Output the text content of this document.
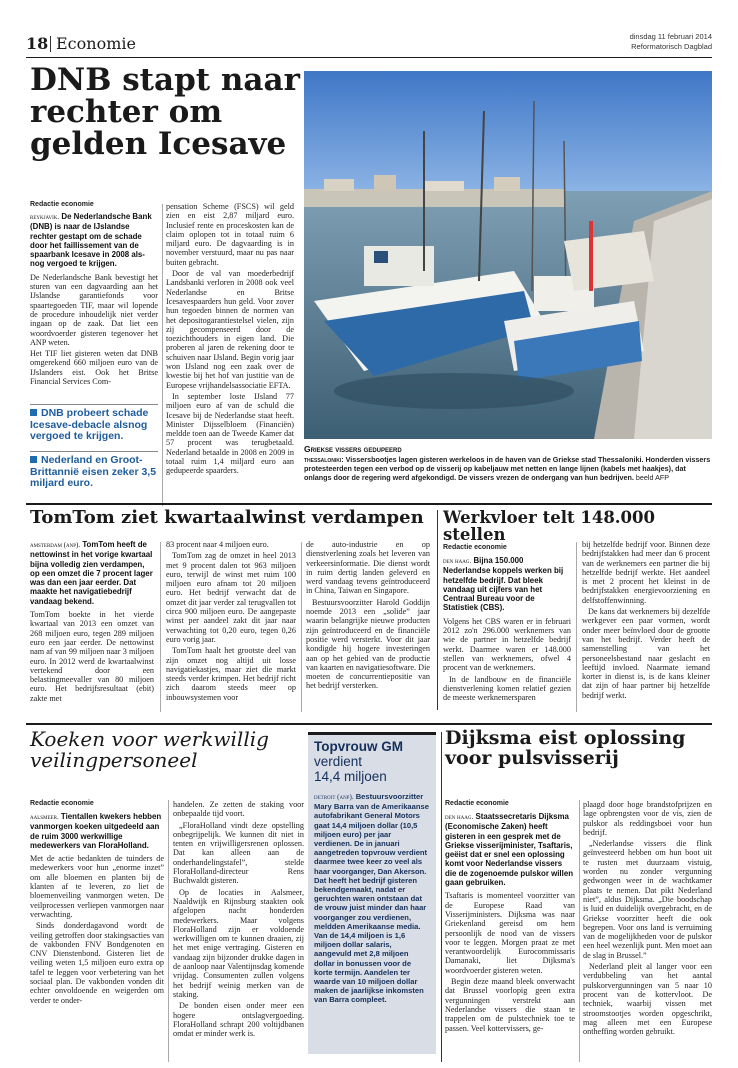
18 Economie	dinsdag 11 februari 2014
Reformatorisch Dagblad
DNB stapt naar
rechter om
gelden Icesave
Redactie economie

reykjavik. De Nederlandsche Bank (DNB) is naar de IJslandse rechter gestapt om de schade door het faillissement van de spaarbank Icesave in 2008 als-nog vergoed te krijgen.

De Nederlandsche Bank bevestigt het sturen van een dagvaarding aan het IJslandse garantiefonds voor spaartegoeden TIF, maar wil lopende de procedure inhoudelijk niet verder ingaan op de zaak. Dat liet een woordvoerder gisteren tegenover het ANP weten.

Het TIF liet gisteren weten dat DNB omgerekend 660 miljoen euro van de IJslanders eist. Ook het Britse Financial Services Com-

DNB probeert schade Icesave-debacle alsnog vergoed te krijgen.
Nederland en Groot-Brittannië eisen zeker 3,5 miljard euro.

pensation Scheme (FSCS) wil geld zien en eist 2,87 miljard euro. Inclusief rente en proceskosten kan de claim oplopen tot in totaal ruim 6 miljard euro. De dagvaarding is in november verstuurd, maar nu pas naar buiten gebracht.

Door de val van moederbedrijf Landsbanki verloren in 2008 ook veel Nederlandse en Britse Icesavespaarders hun geld. Voor zover hun tegoeden binnen de normen van het depositogarantiestelsel vielen, zijn zij gecompenseerd door de toezichthouders in eigen land. Die proberen al jaren de rekening door te schuiven naar IJsland. Begin vorig jaar won IJsland nog een zaak over de kwestie bij het hof van justitie van de Europese vrijhandelsassociatie EFTA.

In september loste IJsland 77 miljoen euro af van de schuld die Icesave bij de Nederlandse staat heeft. Minister Dijsselbloem (Financiën) meldde toen aan de Tweede Kamer dat 57 procent was terugbetaald. Nederland betaalde in 2008 en 2009 in totaal ruim 1,4 miljard euro aan gedupeerde spaarders.

Griekse vissers gedupeerd
thessaloniki: Vissersbootjes lagen gisteren werkeloos in de haven van de Griekse stad Thessaloniki. Honderden vissers protesteerden tegen een verbod op de visserij op kabeljauw met netten en lange lijnen (kabels met haakjes), dat onlangs door de regering werd afgekondigd. De vissers vrezen de ondergang van hun bedrijven. beeld AFP
TomTom ziet kwartaalwinst verdampen

amsterdam (anp). TomTom heeft de nettowinst in het vorige kwartaal bijna volledig zien verdampen, op een omzet die 7 procent lager was dan een jaar eerder. Dat maakte het navigatiebedrijf vandaag bekend.

TomTom boekte in het vierde kwartaal van 2013 een omzet van 268 miljoen euro, tegen 289 miljoen euro een jaar eerder. De nettowinst nam af van 99 miljoen naar 3 miljoen euro. In 2012 werd de kwartaalwinst vertekend door een belastingmeevaller van 80 miljoen euro. Het bedrijfsresultaat (ebit) zakte met

83 procent naar 4 miljoen euro.

TomTom zag de omzet in heel 2013 met 9 procent dalen tot 963 miljoen euro, terwijl de winst met ruim 100 miljoen euro afnam tot 20 miljoen euro. Het bedrijf verwacht dat de omzet dit jaar verder zal terugvallen tot circa 900 miljoen euro. De aangepaste winst per aandeel zakt dit jaar naar verwachting tot 0,20 euro, tegen 0,26 euro vorig jaar.

TomTom haalt het grootste deel van zijn omzet nog altijd uit losse navigatiekastjes, maar ziet die markt steeds verder krimpen. Het bedrijf richt zich daarom steeds meer op inbouwsystemen voor

de auto-industrie en op dienstverlening zoals het leveren van verkeersinformatie. Die dienst wordt in ruim dertig landen geleverd en werd vandaag tevens geïntroduceerd in China, Taiwan en Singapore.

Bestuursvoorzitter Harold Goddijn noemde 2013 een „solide” jaar waarin belangrijke nieuwe producten zijn geïntroduceerd en de financiële positie werd versterkt. Voor dit jaar kondigde hij hogere investeringen aan op het gebied van de productie van kaarten en navigatiesoftware. Die moeten de concurrentiepositie van het bedrijf versterken.

Werkvloer telt 148.000 stellen
Redactie economie

den haag. Bijna 150.000 Nederlandse koppels werken bij hetzelfde bedrijf. Dat bleek vandaag uit cijfers van het Centraal Bureau voor de Statistiek (CBS).

Volgens het CBS waren er in februari 2012 zo'n 296.000 werknemers van wie de partner in hetzelfde bedrijf werkt. Daarmee waren er 148.000 stellen van werknemers, ofwel 4 procent van de werknemers.

In de landbouw en de financiële dienstverlening komen relatief gezien de meeste werknemersparen

bij hetzelfde bedrijf voor. Binnen deze bedrijfstakken had meer dan 6 procent van de werknemers een partner die bij hetzelfde bedrijf werkte. Het aandeel is met 2 procent het kleinst in de bedrijfstakken energievoorziening en delfstoffenwinning.

De kans dat werknemers bij dezelfde werkgever een paar vormen, wordt onder meer beïnvloed door de grootte van het bedrijf. Verder heeft de samenstelling van het personeelsbestand naar geslacht en leeftijd invloed. Naarmate iemand korter in dienst is, is de kans kleiner dat zijn of haar partner bij hetzelfde bedrijf werkt.

Koeken voor werkwillig
veilingpersoneel
Redactie economie

aalsmeer. Tientallen kwekers hebben vanmorgen koeken uitgedeeld aan de ruim 3000 werkwillige medewerkers van FloraHolland.

Met de actie bedankten de tuinders de medewerkers voor hun „enorme inzet” om alle bloemen en planten bij de klanten af te leveren, zo liet de bloemenveiling vanmorgen weten. De veilprocessen verliepen vanmorgen naar verwachting.

Sinds donderdagavond wordt de veiling getroffen door stakingsacties van de vakbonden FNV Bondgenoten en CNV Dienstenbond. Gisteren liet de veiling weten 1,5 miljoen euro extra op tafel te leggen voor verbetering van het sociaal plan. De vakbonden vonden dit echter onvoldoende en weigerden om verder te onder-

handelen. Ze zetten de staking voor onbepaalde tijd voort.

„FloraHolland vindt deze opstelling onbegrijpelijk. We kunnen dit niet in tenten en vrijwilligersrenen oplossen. Dat kan alleen aan de onderhandelingstafel”, stelde FloraHolland-directeur Rens Buchwaldt gisteren.

Op de locaties in Aalsmeer, Naaldwijk en Rijnsburg staakten ook afgelopen nacht honderden medewerkers. Maar volgens FloraHolland zijn er voldoende werkwilligen om te kunnen draaien, zij het met enige vertraging. Gisteren en vandaag zijn bijzonder drukke dagen in de aanloop naar Valentijnsdag komende vrijdag. Consumenten zullen volgens het bedrijf weinig merken van de staking.

De bonden eisen onder meer een hogere ontslagvergoeding. FloraHolland schrapt 200 voltijdbanen omdat er minder werk is.

Topvrouw GM
verdient
14,4 miljoen
detroit (anp). Bestuursvoorzitter Mary Barra van de Amerikaanse autofabrikant General Motors gaat 14,4 miljoen dollar (10,5 miljoen euro) per jaar verdienen. De in januari aangetreden topvrouw verdient daarmee twee keer zo veel als haar voorganger, Dan Akerson. Dat heeft het bedrijf gisteren bekendgemaakt, nadat er geruchten waren ontstaan dat de vrouw juist minder dan haar voorganger zou verdienen, meldden Amerikaanse media. Van de 14,4 miljoen is 1,6 miljoen dollar salaris, aangevuld met 2,8 miljoen dollar in bonussen voor de korte termijn. Aandelen ter waarde van 10 miljoen dollar maken de jaarlijkse inkomsten van Barra compleet.
Dijksma eist oplossing
voor pulsvisserij
Redactie economie

den haag. Staatssecretaris Dijksma (Economische Zaken) heeft gisteren in een gesprek met de Griekse visserijminister, Tsaftaris, geëist dat er snel een oplossing komt voor Nederlandse vissers die de zogenoemde pulskor willen gaan gebruiken.

Tsaftaris is momenteel voorzitter van de Europese Raad van Visserijministers. Dijksma was naar Griekenland gereisd om hem persoonlijk de nood van de vissers voor te leggen. Morgen praat ze met verantwoordelijk Eurocommissaris Damanaki, liet Dijksma's woordvoerder gisteren weten.

Begin deze maand bleek onverwacht dat Brussel voorlopig geen extra vergunningen verstrekt aan Nederlandse vissers die staan te trappelen om de pulstechniek toe te passen. Veel kottervissers, ge-

plaagd door hoge brandstofprijzen en lage opbrengsten voor de vis, zien de pulskor als reddingsboei voor hun bedrijf.

„Nederlandse vissers die flink geïnvesteerd hebben om hun boot uit te rusten met duurzaam vistuig, worden nu zonder vergunning gedwongen weer in de wachtkamer plaats te nemen. Dat pikt Nederland niet”, aldus Dijksma. „Die boodschap is luid en duidelijk overgebracht, en de Griekse voorzitter heeft die ook begrepen. Voor ons land is verruiming van de mogelijkheden voor de pulskor een heel wezenlijk punt. Men moet aan de slag in Brussel.”

Nederland pleit al langer voor een verdubbeling van het aantal pulskorvergunningen van 5 naar 10 procent van de kottervloot. De techniek, waarbij vissen met stroomstootjes worden opgeschrikt, mag alleen met een Europese ontheffing worden gebruikt.
